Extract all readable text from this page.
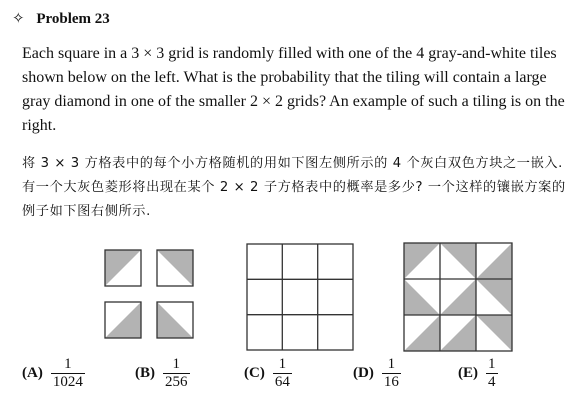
✧ Problem 23
Each square in a 3 × 3 grid is randomly filled with one of the 4 gray-and-white tiles shown below on the left. What is the probability that the tiling will contain a large gray diamond in one of the smaller 2 × 2 grids? An example of such a tiling is on the right.
将 3 × 3 方格表中的每个小方格随机的用如下图左侧所示的 4 个灰白双色方块之一嵌入. 有一个大灰色菱形将出现在某个 2 × 2 子方格表中的概率是多少? 一个这样的镶嵌方案的例子如下图右侧所示.
$(A) \frac{1}{1024}$	$(B) \frac{1}{256}$	$(C) \frac{1}{64}$	$(D) \frac{1}{16}$	$(E) \frac{1}{4}$
